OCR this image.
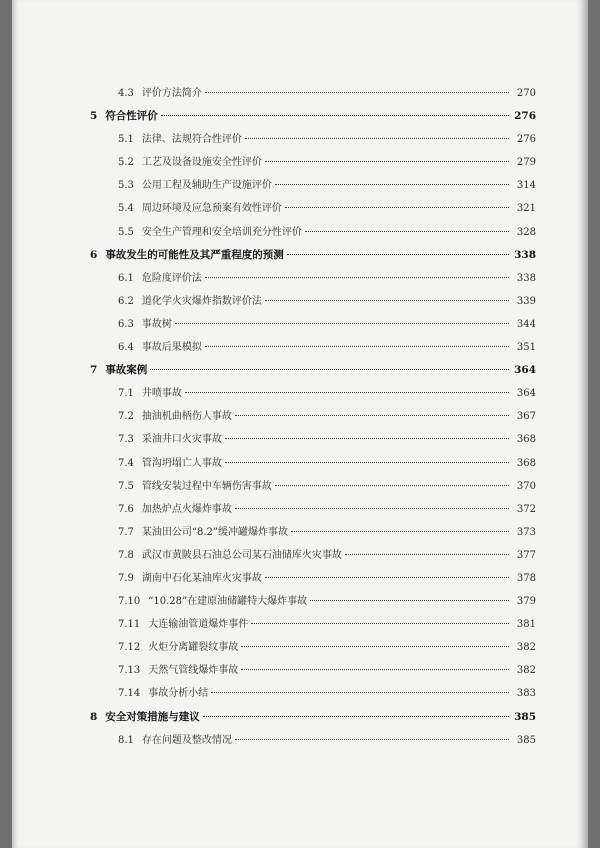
4.3 评价方法简介	270
5 符合性评价	276
5.1 法律、法规符合性评价	276
5.2 工艺及设备设施安全性评价	279
5.3 公用工程及辅助生产设施评价	314
5.4 周边环境及应急预案有效性评价	321
5.5 安全生产管理和安全培训充分性评价	328
6 事故发生的可能性及其严重程度的预测	338
6.1 危险度评价法	338
6.2 道化学火灾爆炸指数评价法	339
6.3 事故树	344
6.4 事故后果模拟	351
7 事故案例	364
7.1 井喷事故	364
7.2 抽油机曲柄伤人事故	367
7.3 采油井口火灾事故	368
7.4 管沟坍塌亡人事故	368
7.5 管线安装过程中车辆伤害事故	370
7.6 加热炉点火爆炸事故	372
7.7 某油田公司“8.2”缓冲罐爆炸事故	373
7.8 武汉市黄陂县石油总公司某石油储库火灾事故	377
7.9 湖南中石化某油库火灾事故	378
7.10 “10.28”在建原油储罐特大爆炸事故	379
7.11 大连输油管道爆炸事件	381
7.12 火炬分离罐裂纹事故	382
7.13 天然气管线爆炸事故	382
7.14 事故分析小结	383
8 安全对策措施与建议	385
8.1 存在问题及整改情况	385
